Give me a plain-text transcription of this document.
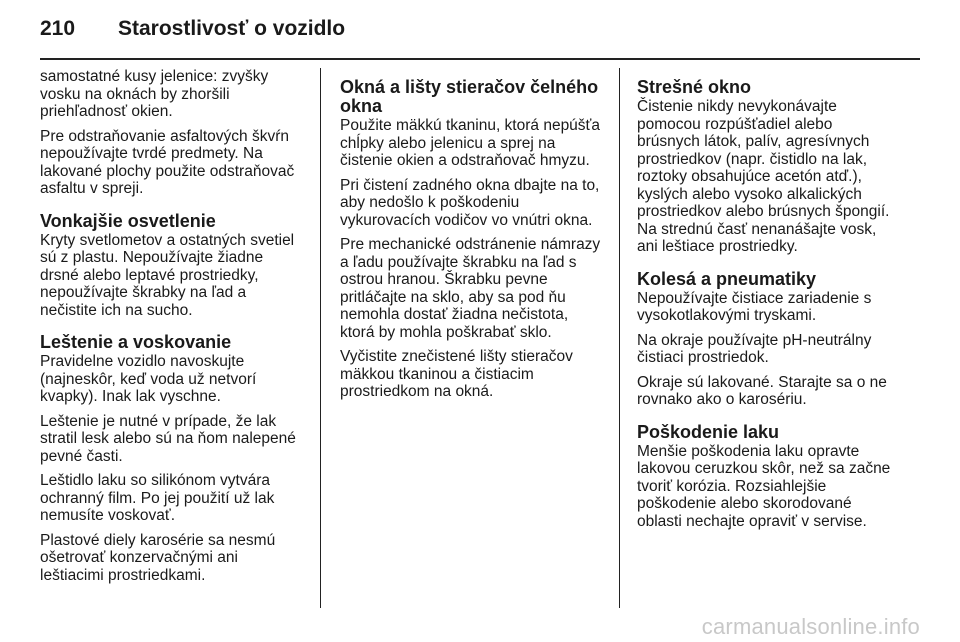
210	Starostlivosť o vozidlo

samostatné kusy jelenice: zvyšky vosku na oknách by zhoršili priehľadnosť okien.

Pre odstraňovanie asfaltových škvŕn nepoužívajte tvrdé predmety. Na lakované plochy použite odstraňovač asfaltu v spreji.

Vonkajšie osvetlenie

Kryty svetlometov a ostatných svetiel sú z plastu. Nepoužívajte žiadne drsné alebo leptavé prostriedky, nepoužívajte škrabky na ľad a nečistite ich na sucho.

Leštenie a voskovanie

Pravidelne vozidlo navoskujte (najneskôr, keď voda už netvorí kvapky). Inak lak vyschne.

Leštenie je nutné v prípade, že lak stratil lesk alebo sú na ňom nalepené pevné časti.

Leštidlo laku so silikónom vytvára ochranný film. Po jej použití už lak nemusíte voskovať.

Plastové diely karosérie sa nesmú ošetrovať konzervačnými ani leštiacimi prostriedkami.

Okná a lišty stieračov čelného okna

Použite mäkkú tkaninu, ktorá nepúšťa chĺpky alebo jelenicu a sprej na čistenie okien a odstraňovač hmyzu.

Pri čistení zadného okna dbajte na to, aby nedošlo k poškodeniu vykurovacích vodičov vo vnútri okna.

Pre mechanické odstránenie námrazy a ľadu používajte škrabku na ľad s ostrou hranou. Škrabku pevne pritláčajte na sklo, aby sa pod ňu nemohla dostať žiadna nečistota, ktorá by mohla poškrabať sklo.

Vyčistite znečistené lišty stieračov mäkkou tkaninou a čistiacim prostriedkom na okná.

Strešné okno

Čistenie nikdy nevykonávajte pomocou rozpúšťadiel alebo brúsnych látok, palív, agresívnych prostriedkov (napr. čistidlo na lak, roztoky obsahujúce acetón atď.), kyslých alebo vysoko alkalických prostriedkov alebo brúsnych špongií. Na strednú časť nenanášajte vosk, ani leštiace prostriedky.

Kolesá a pneumatiky

Nepoužívajte čistiace zariadenie s vysokotlakovými tryskami.

Na okraje používajte pH-neutrálny čistiaci prostriedok.

Okraje sú lakované. Starajte sa o ne rovnako ako o karosériu.

Poškodenie laku

Menšie poškodenia laku opravte lakovou ceruzkou skôr, než sa začne tvoriť korózia. Rozsiahlejšie poškodenie alebo skorodované oblasti nechajte opraviť v servise.

carmanualsonline.info
